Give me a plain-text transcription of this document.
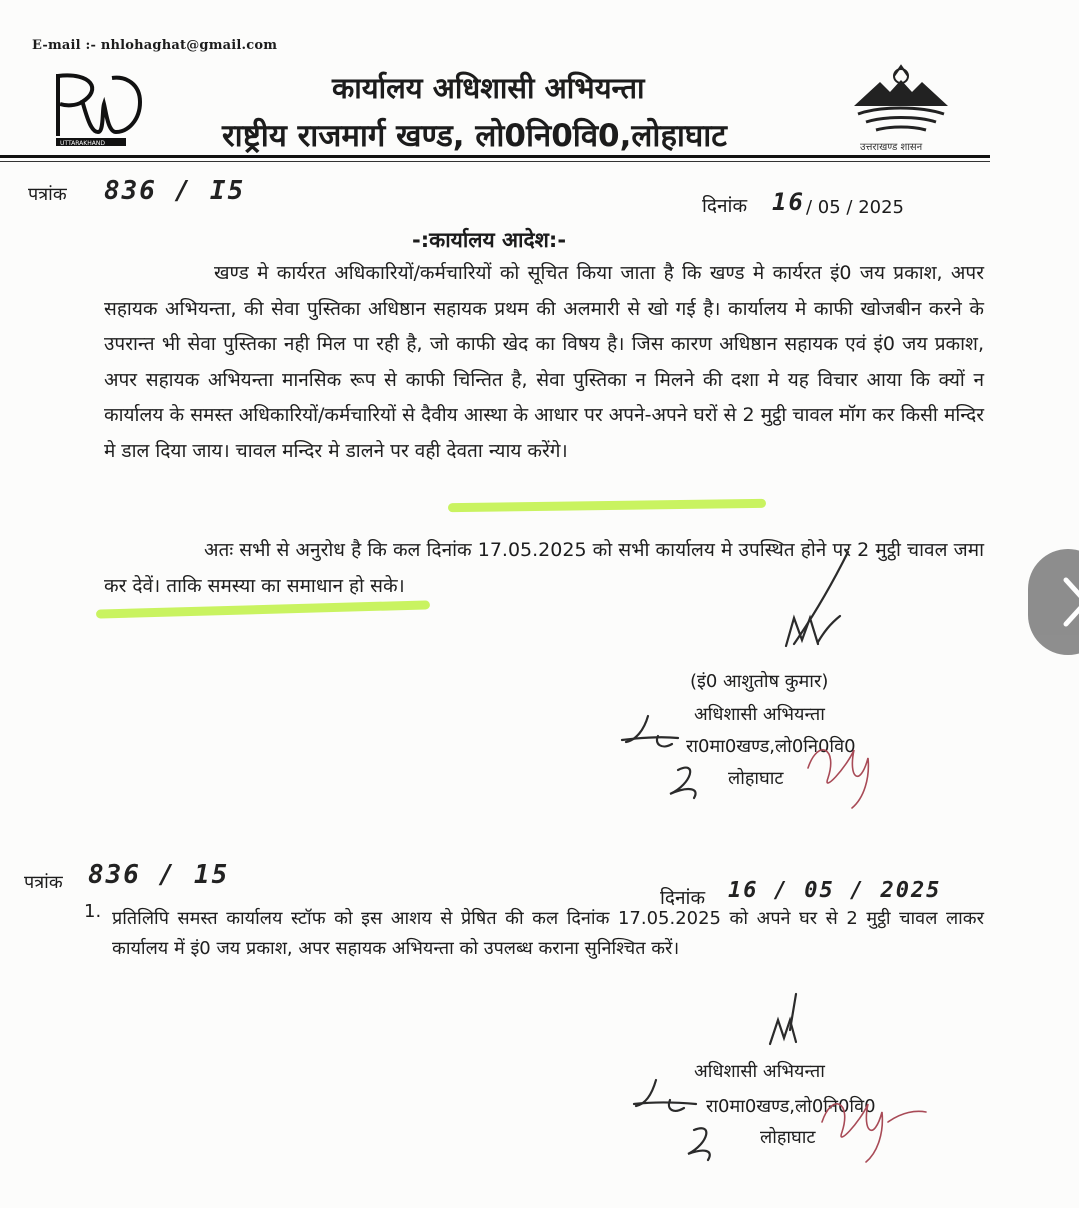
E-mail :- nhlohaghat@gmail.com
UTTARAKHAND
कार्यालय अधिशासी अभियन्ता
राष्ट्रीय राजमार्ग खण्ड, लो0नि0वि0,लोहाघाट	उत्तराखण्ड शासन
पत्रांक 836 / I5	दिनांक 16 / 05 / 2025
-:कार्यालय आदेश:-
खण्ड मे कार्यरत अधिकारियों/कर्मचारियों को सूचित किया जाता है कि खण्ड मे कार्यरत इं0 जय प्रकाश, अपर सहायक अभियन्ता, की सेवा पुस्तिका अधिष्ठान सहायक प्रथम की अलमारी से खो गई है। कार्यालय मे काफी खोजबीन करने के उपरान्त भी सेवा पुस्तिका नही मिल पा रही है, जो काफी खेद का विषय है। जिस कारण अधिष्ठान सहायक एवं इं0 जय प्रकाश, अपर सहायक अभियन्ता मानसिक रूप से काफी चिन्तित है, सेवा पुस्तिका न मिलने की दशा मे यह विचार आया कि क्यों न कार्यालय के समस्त अधिकारियों/कर्मचारियों से दैवीय आस्था के आधार पर अपने-अपने घरों से 2 मुट्ठी चावल मॉग कर किसी मन्दिर मे डाल दिया जाय। चावल मन्दिर मे डालने पर वही देवता न्याय करेंगे।
अतः सभी से अनुरोध है कि कल दिनांक 17.05.2025 को सभी कार्यालय मे उपस्थित होने पर 2 मुट्ठी चावल जमा कर देवें। ताकि समस्या का समाधान हो सके।
(इं0 आशुतोष कुमार)
अधिशासी अभियन्ता
रा0मा0खण्ड,लो0नि0वि0
लोहाघाट
पत्रांक 836 / 15
दिनांक 16 / 05 / 2025
1. प्रतिलिपि समस्त कार्यालय स्टॉफ को इस आशय से प्रेषित की कल दिनांक 17.05.2025 को अपने घर से 2 मुट्ठी चावल लाकर कार्यालय में इं0 जय प्रकाश, अपर सहायक अभियन्ता को उपलब्ध कराना सुनिश्चित करें।
अधिशासी अभियन्ता
रा0मा0खण्ड,लो0नि0वि0
लोहाघाट
